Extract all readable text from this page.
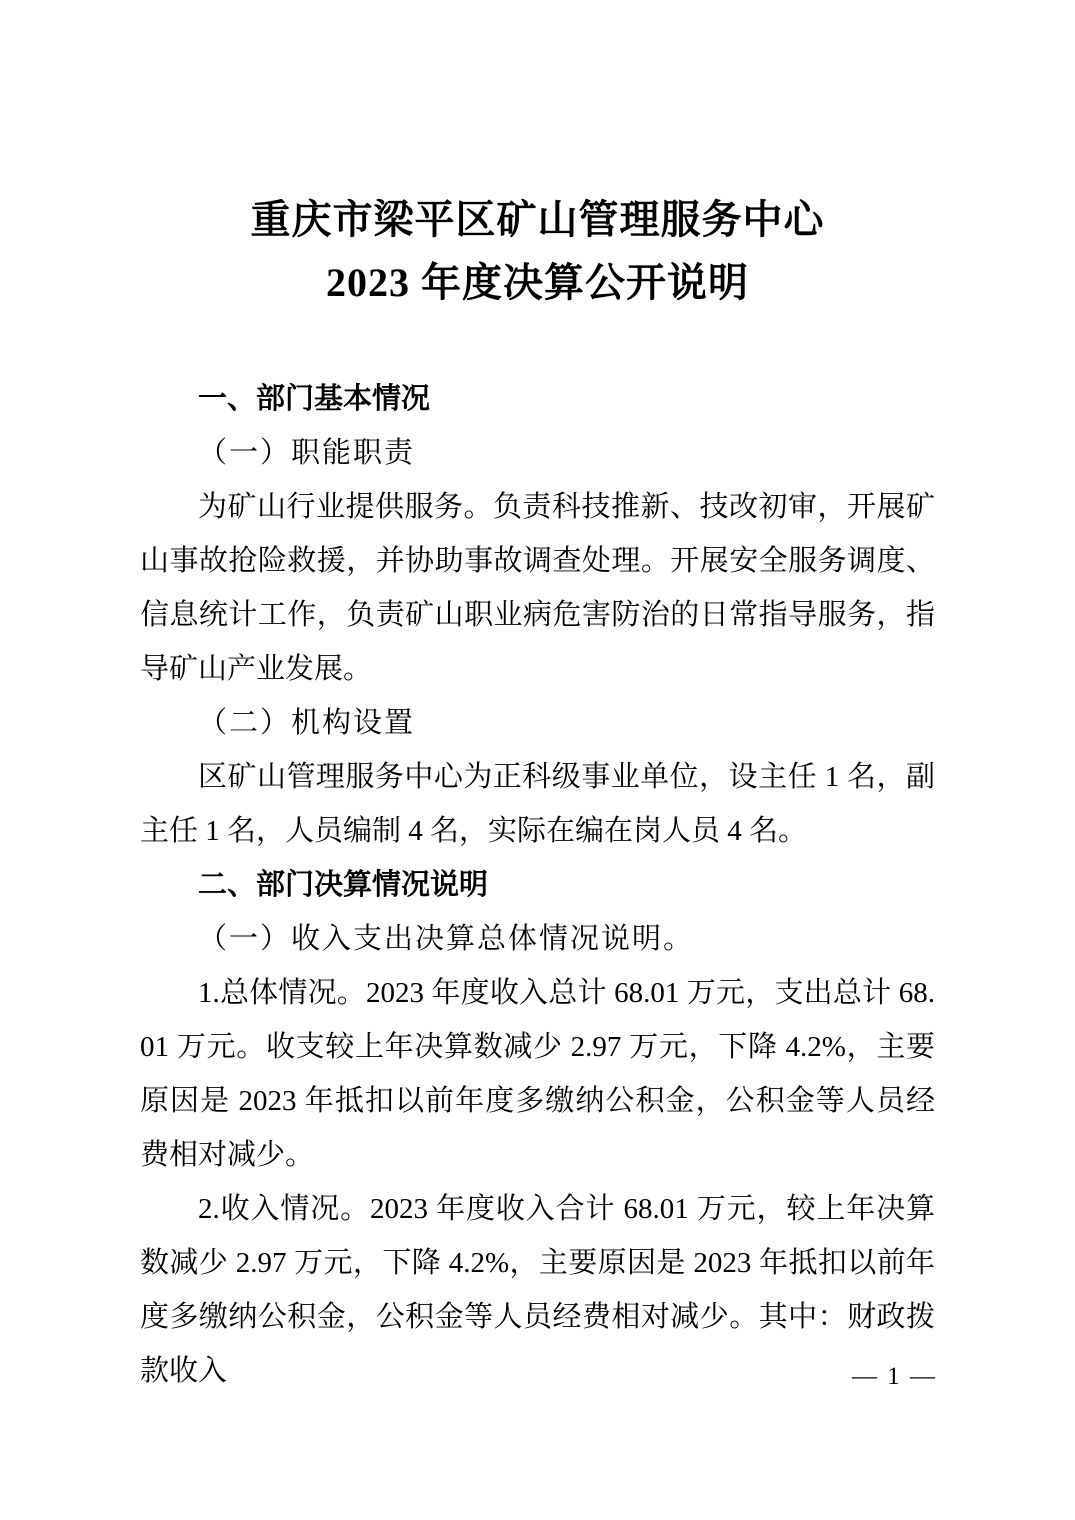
重庆市梁平区矿山管理服务中心
2023 年度决算公开说明

一、部门基本情况

（一）职能职责

为矿山行业提供服务。负责科技推新、技改初审，开展矿山事故抢险救援，并协助事故调查处理。开展安全服务调度、信息统计工作，负责矿山职业病危害防治的日常指导服务，指导矿山产业发展。

（二）机构设置

区矿山管理服务中心为正科级事业单位，设主任 1 名，副主任 1 名，人员编制 4 名，实际在编在岗人员 4 名。

二、部门决算情况说明

（一）收入支出决算总体情况说明。

1.总体情况。2023 年度收入总计 68.01 万元，支出总计 68.01 万元。收支较上年决算数减少 2.97 万元，下降 4.2%，主要原因是 2023 年抵扣以前年度多缴纳公积金，公积金等人员经费相对减少。

2.收入情况。2023 年度收入合计 68.01 万元，较上年决算数减少 2.97 万元，下降 4.2%，主要原因是 2023 年抵扣以前年度多缴纳公积金，公积金等人员经费相对减少。其中：财政拨款收入	— 1 —
